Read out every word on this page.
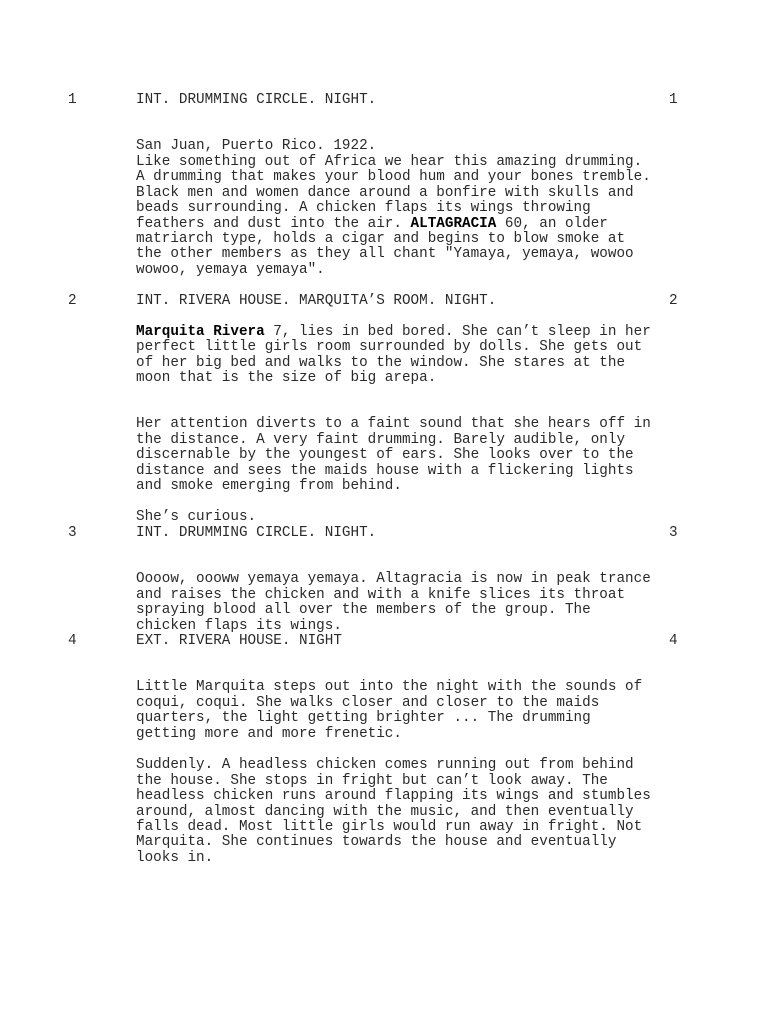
1	INT. DRUMMING CIRCLE. NIGHT.	1

San Juan, Puerto Rico. 1922.

Like something out of Africa we hear this amazing drumming.
A drumming that makes your blood hum and your bones tremble.
Black men and women dance around a bonfire with skulls and
beads surrounding. A chicken flaps its wings throwing
feathers and dust into the air. ALTAGRACIA 60, an older
matriarch type, holds a cigar and begins to blow smoke at
the other members as they all chant "Yamaya, yemaya, wowoo
wowoo, yemaya yemaya".
2	INT. RIVERA HOUSE. MARQUITA’S ROOM. NIGHT.	2
Marquita Rivera 7, lies in bed bored. She can’t sleep in her
perfect little girls room surrounded by dolls. She gets out
of her big bed and walks to the window. She stares at the
moon that is the size of big arepa.

Her attention diverts to a faint sound that she hears off in
the distance. A very faint drumming. Barely audible, only
discernable by the youngest of ears. She looks over to the
distance and sees the maids house with a flickering lights
and smoke emerging from behind.

She’s curious.

3	INT. DRUMMING CIRCLE. NIGHT.	3

Oooow, oooww yemaya yemaya. Altagracia is now in peak trance
and raises the chicken and with a knife slices its throat
spraying blood all over the members of the group. The
chicken flaps its wings.

4	EXT. RIVERA HOUSE. NIGHT	4

Little Marquita steps out into the night with the sounds of
coqui, coqui. She walks closer and closer to the maids
quarters, the light getting brighter ... The drumming
getting more and more frenetic.

Suddenly. A headless chicken comes running out from behind
the house. She stops in fright but can’t look away. The
headless chicken runs around flapping its wings and stumbles
around, almost dancing with the music, and then eventually
falls dead. Most little girls would run away in fright. Not
Marquita. She continues towards the house and eventually
looks in.
